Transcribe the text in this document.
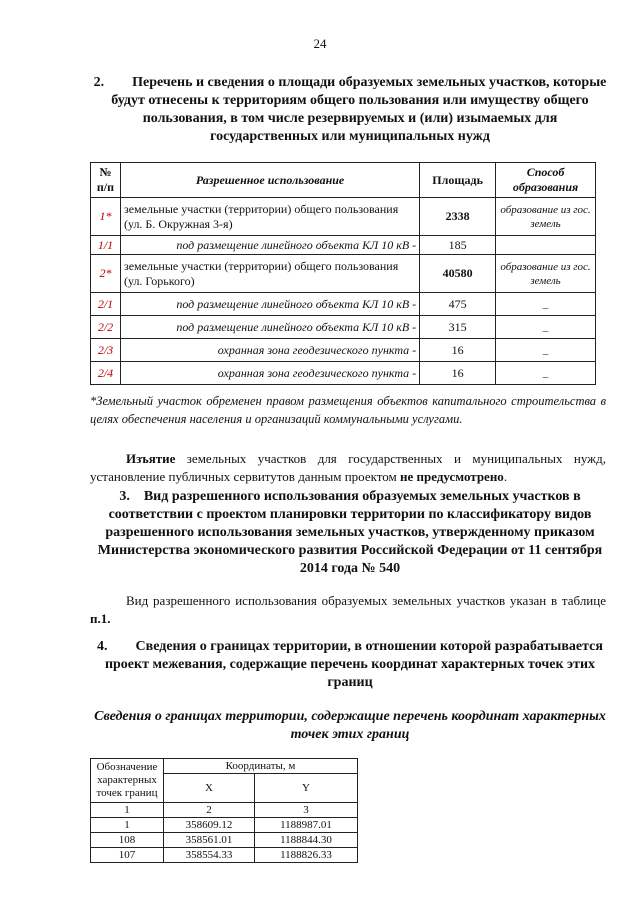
24
2.  Перечень и сведения о площади образуемых земельных участков, которые будут отнесены к территориям общего пользования или имуществу общего пользования, в том числе резервируемых и (или) изымаемых для государственных или муниципальных нужд
№ п/п	Разрешенное использование	Площадь	Способ образования
1*	земельные участки (территории) общего пользования (ул. Б. Окружная 3-я)	2338	образование из гос. земель
1/1	под размещение линейного объекта КЛ 10 кВ -	185	
2*	земельные участки (территории) общего пользования (ул. Горького)	40580	образование из гос. земель
2/1	под размещение линейного объекта КЛ 10 кВ -	475	_
2/2	под размещение линейного объекта КЛ 10 кВ -	315	_
2/3	охранная зона геодезического пункта -	16	_
2/4	охранная зона геодезического пункта -	16	_
*Земельный участок обременен правом размещения объектов капитального строительства в целях обеспечения населения и организаций коммунальными услугами.
Изъятие земельных участков для государственных и муниципальных нужд, установление публичных сервитутов данным проектом не предусмотрено.
3. Вид разрешенного использования образуемых земельных участков в соответствии с проектом планировки территории по классификатору видов разрешенного использования земельных участков, утвержденному приказом Министерства экономического развития Российской Федерации от 11 сентября 2014 года № 540
Вид разрешенного использования образуемых земельных участков указан в таблице п.1.
4.  Сведения о границах территории, в отношении которой разрабатывается проект межевания, содержащие перечень координат характерных точек этих границ
Сведения о границах территории, содержащие перечень координат характерных точек этих границ
Обозначение характерных точек границ	Координаты, м	
	X	Y
1	2	3
1	358609.12	1188987.01
108	358561.01	1188844.30
107	358554.33	1188826.33
